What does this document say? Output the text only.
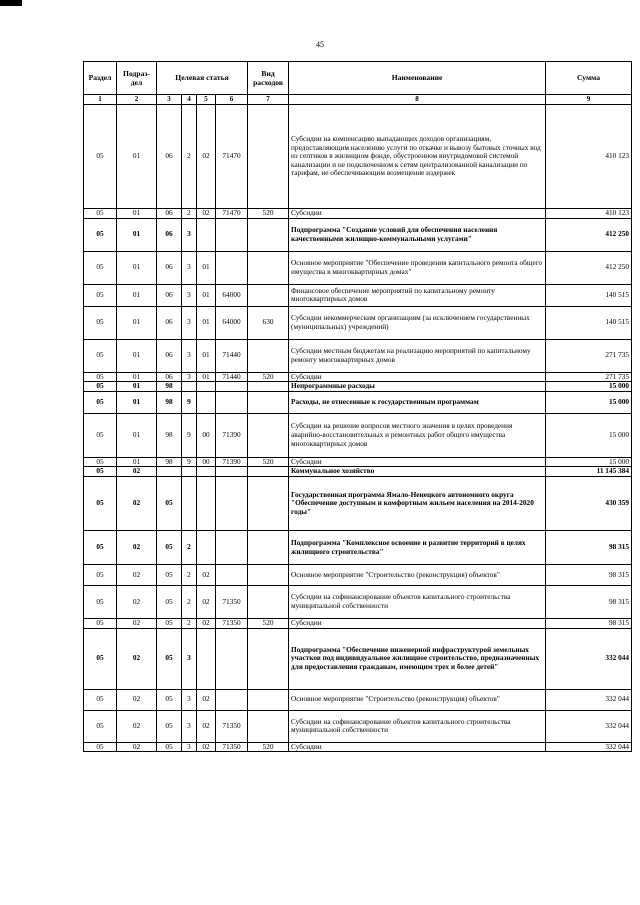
45
Раздел	Подраз- дел	Целевая статья				Вид расходов	Наименование	Сумма
1	2	3	4	5	6	7	8	9
05	01	06	2	02	71470		Субсидии на компенсацию выпадающих доходов организациям, предоставляющим населению услуги по откачке и вывозу бытовых сточных вод из септиков в жилищном фонде, обустроенном внутридомовой системой канализации и не подключенном к сетям централизованной канализации по тарифам, не обеспечивающим возмещение издержек	410 123
05	01	06	2	02	71470	520	Субсидии	410 123
05	01	06	3				Подпрограмма "Создание условий для обеспечения населения качественными жилищно-коммунальными услугами"	412 250
05	01	06	3	01			Основное мероприятие "Обеспечение проведения капитального ремонта общего имущества в многоквартирных домах"	412 250
05	01	06	3	01	64000		Финансовое обеспечение мероприятий по капитальному ремонту многоквартирных домов	140 515
05	01	06	3	01	64000	630	Субсидии некоммерческим организациям (за исключением государственных (муниципальных) учреждений)	140 515
05	01	06	3	01	71440		Субсидии местным бюджетам на реализацию мероприятий по капитальному ремонту многоквартирных домов	271 735
05	01	06	3	01	71440	520	Субсидии	271 735
05	01	98					Непрограммные расходы	15 000
05	01	98	9				Расходы, не отнесенные к государственным программам	15 000
05	01	98	9	00	71390		Субсидии на решение вопросов местного значения в целях проведения аварийно-восстановительных и ремонтных работ общего имущества многоквартирных домов	15 000
05	01	98	9	00	71390	520	Субсидии	15 000
05	02						Коммунальное хозяйство	11 145 384
05	02	05					Государственная программа Ямало-Ненецкого автономного округа "Обеспечение доступным и комфортным жильем населения на 2014-2020 годы"	430 359
05	02	05	2				Подпрограмма "Комплексное освоение и развитие территорий в целях жилищного строительства"	98 315
05	02	05	2	02			Основное мероприятие "Строительство (реконструкция) объектов"	98 315
05	02	05	2	02	71350		Субсидии на софинансирование объектов капитального строительства муниципальной собственности	98 315
05	02	05	2	02	71350	520	Субсидии	98 315
05	02	05	3				Подпрограмма "Обеспечение инженерной инфраструктурой земельных участков под индивидуальное жилищное строительство, предназначенных для предоставления гражданам, имеющим трех и более детей"	332 044
05	02	05	3	02			Основное мероприятие "Строительство (реконструкция) объектов"	332 044
05	02	05	3	02	71350		Субсидии на софинансирование объектов капитального строительства муниципальной собственности	332 044
05	02	05	3	02	71350	520	Субсидии	332 044
